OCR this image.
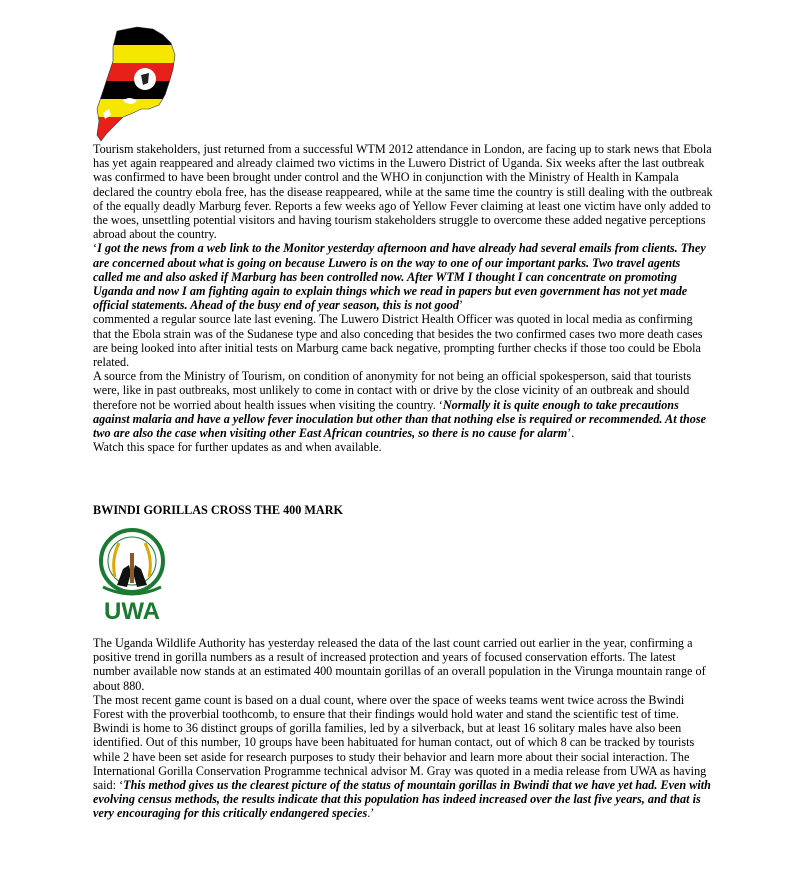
Tourism stakeholders, just returned from a successful WTM 2012 attendance in London, are facing up to stark news that Ebola has yet again reappeared and already claimed two victims in the Luwero District of Uganda. Six weeks after the last outbreak was confirmed to have been brought under control and the WHO in conjunction with the Ministry of Health in Kampala declared the country ebola free, has the disease reappeared, while at the same time the country is still dealing with the outbreak of the equally deadly Marburg fever. Reports a few weeks ago of Yellow Fever claiming at least one victim have only added to the woes, unsettling potential visitors and having tourism stakeholders struggle to overcome these added negative perceptions abroad about the country.

‘I got the news from a web link to the Monitor yesterday afternoon and have already had several emails from clients. They are concerned about what is going on because Luwero is on the way to one of our important parks. Two travel agents called me and also asked if Marburg has been controlled now. After WTM I thought I can concentrate on promoting Uganda and now I am fighting again to explain things which we read in papers but even government has not yet made official statements. Ahead of the busy end of year season, this is not good’

commented a regular source late last evening. The Luwero District Health Officer was quoted in local media as confirming that the Ebola strain was of the Sudanese type and also conceding that besides the two confirmed cases two more death cases are being looked into after initial tests on Marburg came back negative, prompting further checks if those too could be Ebola related.

A source from the Ministry of Tourism, on condition of anonymity for not being an official spokesperson, said that tourists were, like in past outbreaks, most unlikely to come in contact with or drive by the close vicinity of an outbreak and should therefore not be worried about health issues when visiting the country. ‘Normally it is quite enough to take precautions against malaria and have a yellow fever inoculation but other than that nothing else is required or recommended. At those two are also the case when visiting other East African countries, so there is no cause for alarm’.

Watch this space for further updates as and when available.

BWINDI GORILLAS CROSS THE 400 MARK
UWA

The Uganda Wildlife Authority has yesterday released the data of the last count carried out earlier in the year, confirming a positive trend in gorilla numbers as a result of increased protection and years of focused conservation efforts. The latest number available now stands at an estimated 400 mountain gorillas of an overall population in the Virunga mountain range of about 880.

The most recent game count is based on a dual count, where over the space of weeks teams went twice across the Bwindi Forest with the proverbial toothcomb, to ensure that their findings would hold water and stand the scientific test of time.

Bwindi is home to 36 distinct groups of gorilla families, led by a silverback, but at least 16 solitary males have also been identified. Out of this number, 10 groups have been habituated for human contact, out of which 8 can be tracked by tourists while 2 have been set aside for research purposes to study their behavior and learn more about their social interaction. The International Gorilla Conservation Programme technical advisor M. Gray was quoted in a media release from UWA as having said: ‘This method gives us the clearest picture of the status of mountain gorillas in Bwindi that we have yet had. Even with evolving census methods, the results indicate that this population has indeed increased over the last five years, and that is very encouraging for this critically endangered species.’
